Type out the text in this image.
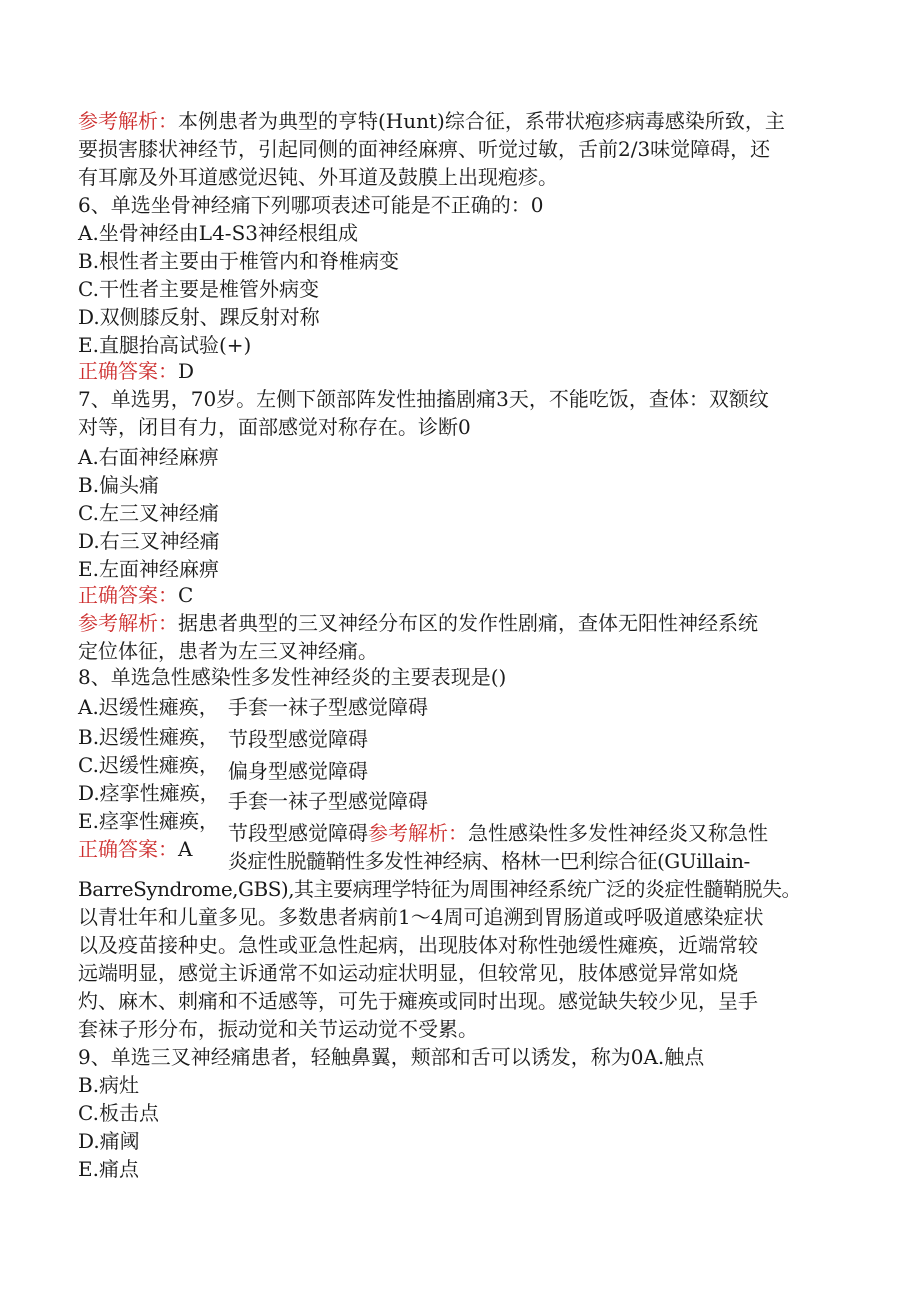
参考解析：本例患者为典型的亨特(Hunt)综合征，系带状疱疹病毒感染所致，主
要损害膝状神经节，引起同侧的面神经麻痹、听觉过敏，舌前2/3味觉障碍，还
有耳廓及外耳道感觉迟钝、外耳道及鼓膜上出现疱疹。
6、单选坐骨神经痛下列哪项表述可能是不正确的：0
A.坐骨神经由L4-S3神经根组成
B.根性者主要由于椎管内和脊椎病变
C.干性者主要是椎管外病变
D.双侧膝反射、踝反射对称
E.直腿抬高试验(+)
正确答案：D
7、单选男，70岁。左侧下颌部阵发性抽搐剧痛3天，不能吃饭，查体：双额纹
对等，闭目有力，面部感觉对称存在。诊断0
A.右面神经麻痹
B.偏头痛
C.左三叉神经痛
D.右三叉神经痛
E.左面神经麻痹
正确答案：C
参考解析：据患者典型的三叉神经分布区的发作性剧痛，查体无阳性神经系统
定位体征，患者为左三叉神经痛。
8、单选急性感染性多发性神经炎的主要表现是()
A.迟缓性瘫痪，
B.迟缓性瘫痪，
C.迟缓性瘫痪，
D.痉挛性瘫痪，
E.痉挛性瘫痪，
手套一袜子型感觉障碍
节段型感觉障碍
偏身型感觉障碍
手套一袜子型感觉障碍
正确答案：A
节段型感觉障碍参考解析：急性感染性多发性神经炎又称急性
炎症性脱髓鞘性多发性神经病、格林一巴利综合征(GUillain-
BarreSyndrome,GBS),其主要病理学特征为周围神经系统广泛的炎症性髓鞘脱失。
以青壮年和儿童多见。多数患者病前1～4周可追溯到胃肠道或呼吸道感染症状
以及疫苗接种史。急性或亚急性起病，出现肢体对称性弛缓性瘫痪，近端常较
远端明显，感觉主诉通常不如运动症状明显，但较常见，肢体感觉异常如烧
灼、麻木、刺痛和不适感等，可先于瘫痪或同时出现。感觉缺失较少见，呈手
套袜子形分布，振动觉和关节运动觉不受累。
9、单选三叉神经痛患者，轻触鼻翼，颊部和舌可以诱发，称为0A.触点
B.病灶
C.板击点
D.痛阈
E.痛点
